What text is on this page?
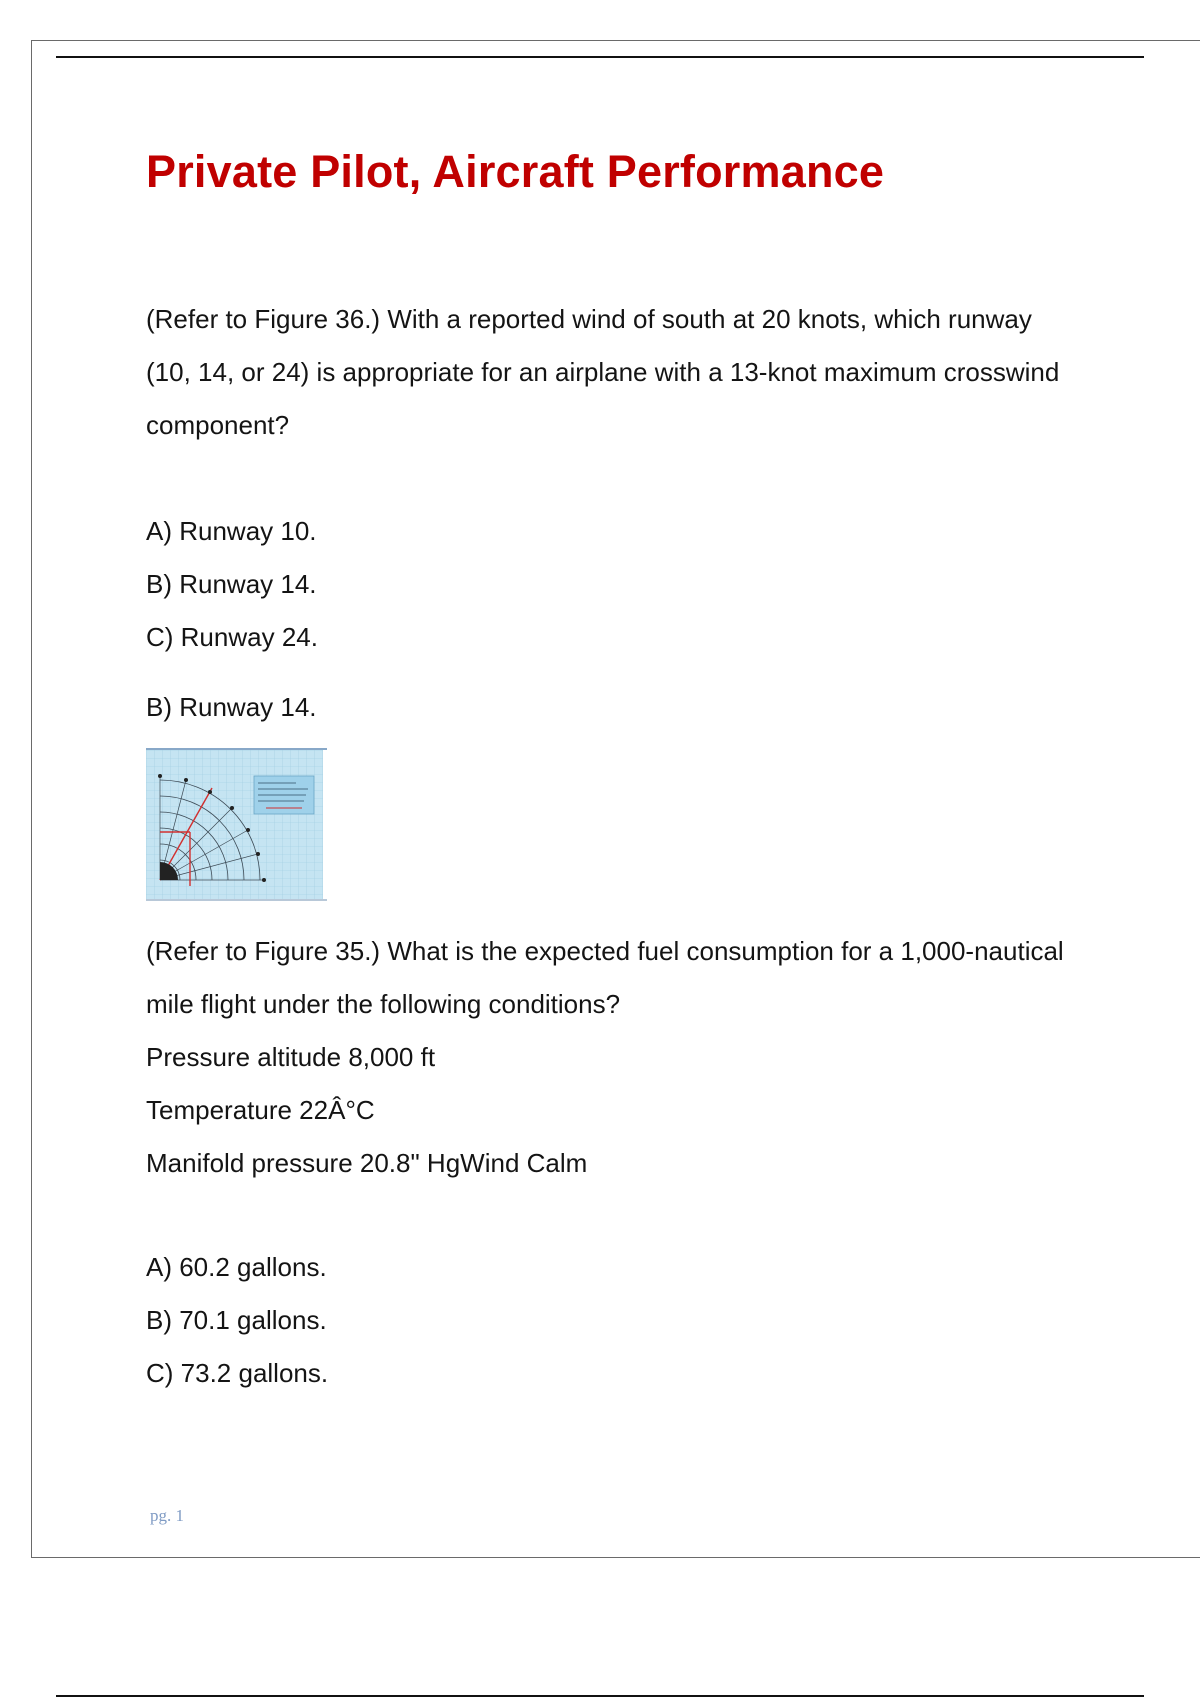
Private Pilot, Aircraft Performance

(Refer to Figure 36.) With a reported wind of south at 20 knots, which runway (10, 14, or 24) is appropriate for an airplane with a 13-knot maximum crosswind component?

A) Runway 10.

B) Runway 14.

C) Runway 24.

B) Runway 14.

(Refer to Figure 35.) What is the expected fuel consumption for a 1,000-nautical mile flight under the following conditions?

Pressure altitude 8,000 ft

Temperature 22Â°C

Manifold pressure 20.8" HgWind Calm

A) 60.2 gallons.

B) 70.1 gallons.

C) 73.2 gallons.

pg. 1
